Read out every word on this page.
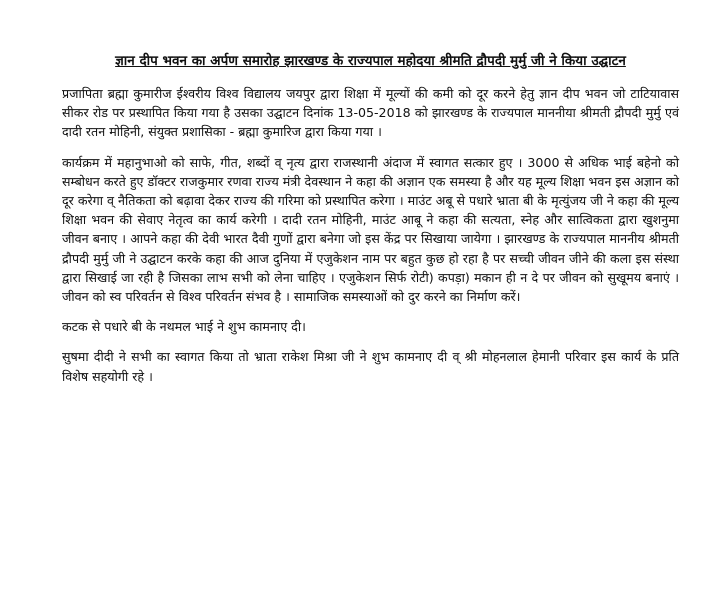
ज्ञान दीप भवन का अर्पण समारोह झारखण्ड के राज्यपाल महोदया श्रीमति द्रौपदी मुर्मु जी ने किया उद्घाटन

प्रजापिता ब्रह्मा कुमारीज ईश्वरीय विश्व विद्यालय जयपुर द्वारा शिक्षा में मूल्यों की कमी को दूर करने हेतु ज्ञान दीप भवन जो टाटियावास सीकर रोड पर प्रस्थापित किया गया है उसका उद्घाटन दिनांक 13-05-2018 को झारखण्ड के राज्यपाल माननीया श्रीमती द्रौपदी मुर्मु एवं दादी रतन मोहिनी, संयुक्त प्रशासिका - ब्रह्मा कुमारिज द्वारा किया गया ।

कार्यक्रम में महानुभाओ को साफे, गीत, शब्दों व् नृत्य द्वारा राजस्थानी अंदाज में स्वागत सत्कार हुए । 3000 से अधिक भाई बहेनो को सम्बोधन करते हुए डॉक्टर राजकुमार रणवा राज्य मंत्री देवस्थान ने कहा की अज्ञान एक समस्या है और यह मूल्य शिक्षा भवन इस अज्ञान को दूर करेगा व् नैतिकता को बढ़ावा देकर राज्य की गरिमा को प्रस्थापित करेगा । माउंट अबू से पधारे भ्राता बी के मृत्युंजय जी ने कहा की मूल्य शिक्षा भवन की सेवाए नेतृत्व का कार्य करेगी । दादी रतन मोहिनी, माउंट आबू ने कहा की सत्यता, स्नेह और सात्विकता द्वारा खुशनुमा जीवन बनाए । आपने कहा की देवी भारत दैवी गुणों द्वारा बनेगा जो इस केंद्र पर सिखाया जायेगा । झारखण्ड के राज्यपाल माननीय श्रीमती द्रौपदी मुर्मु जी ने उद्घाटन करके कहा की आज दुनिया में एजुकेशन नाम पर बहुत कुछ हो रहा है पर सच्ची जीवन जीने की कला इस संस्था द्वारा सिखाई जा रही है जिसका लाभ सभी को लेना चाहिए । एजुकेशन सिर्फ रोटी) कपड़ा) मकान ही न दे पर जीवन को सुखूमय बनाएं ।जीवन को स्व परिवर्तन से विश्व परिवर्तन संभव है । सामाजिक समस्याओं को दुर करने का निर्माण करें।

कटक से पधारे बी के नथमल भाई ने शुभ कामनाए दी।

सुषमा दीदी ने सभी का स्वागत किया तो भ्राता राकेश मिश्रा जी ने शुभ कामनाए दी व् श्री मोहनलाल हेमानी परिवार इस कार्य के प्रति विशेष सहयोगी रहे ।
